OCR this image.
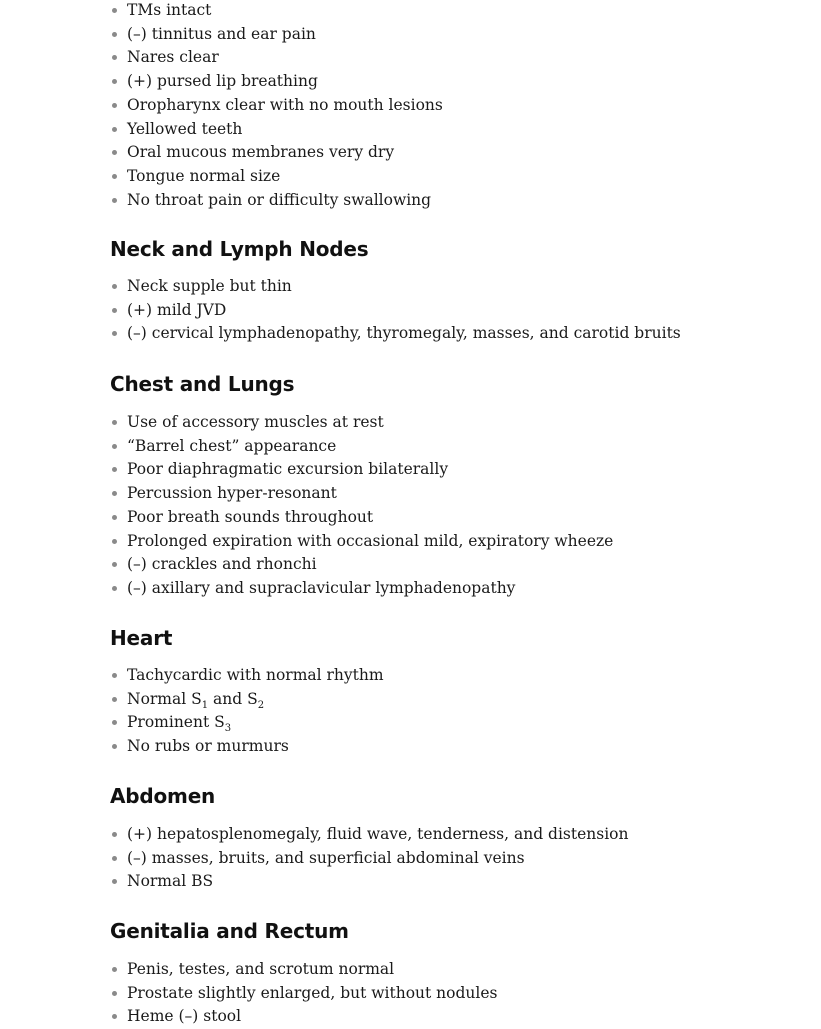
TMs intact
(–) tinnitus and ear pain
Nares clear
(+) pursed lip breathing
Oropharynx clear with no mouth lesions
Yellowed teeth
Oral mucous membranes very dry
Tongue normal size
No throat pain or difficulty swallowing
Neck and Lymph Nodes
Neck supple but thin
(+) mild JVD
(–) cervical lymphadenopathy, thyromegaly, masses, and carotid bruits
Chest and Lungs
Use of accessory muscles at rest
“Barrel chest” appearance
Poor diaphragmatic excursion bilaterally
Percussion hyper-resonant
Poor breath sounds throughout
Prolonged expiration with occasional mild, expiratory wheeze
(–) crackles and rhonchi
(–) axillary and supraclavicular lymphadenopathy
Heart
Tachycardic with normal rhythm
Normal $S_1$ and $S_2$
Prominent $S_3$
No rubs or murmurs
Abdomen
(+) hepatosplenomegaly, fluid wave, tenderness, and distension
(–) masses, bruits, and superficial abdominal veins
Normal BS
Genitalia and Rectum
Penis, testes, and scrotum normal
Prostate slightly enlarged, but without nodules
Heme (–) stool
